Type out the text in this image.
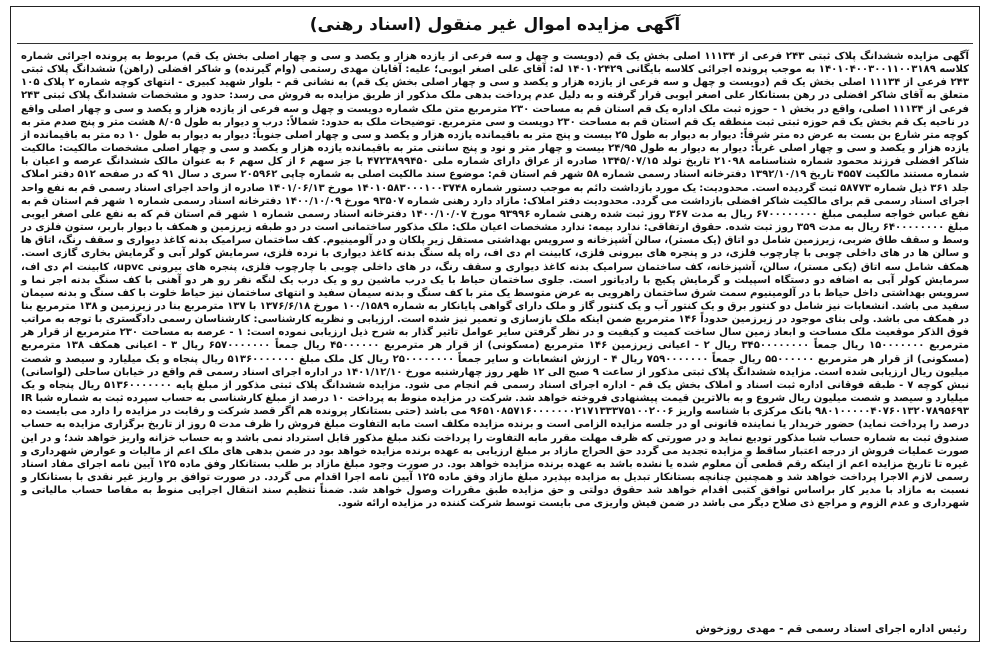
آگهی مزایده اموال غیر منقول (اسناد رهنی)

آگهی مزایده ششدانگ پلاک ثبتی ۲۴۳ فرعی از ۱۱۱۳۴ اصلی بخش یک قم (دویست و چهل و سه فرعی از یازده هزار و یکصد و سی و چهار اصلی بخش یک قم) مربوط به پرونده اجرائی شماره کلاسه ۱۴۰۱۰۴۰۰۳۰۰۱۱۰۰۳۱۸۹ به موجب پرونده اجرائی کلاسه بایگانی ۱۴۰۱۰۲۴۲۹ له: آقای علی اصغر ایوبی؛ علیه: آقایان مهدی رستمی (وام گیرنده) و شاکر افضلی (راهن) ششدانگ پلاک ثبتی ۲۴۳ فرعی از ۱۱۱۳۴ اصلی بخش یک قم (دویست و چهل و سه فرعی از یازده هزار و یکصد و سی و چهار اصلی بخش یک قم) به نشانی قم - بلوار شهید کبیری - انتهای کوچه شماره ۲ پلاک ۱۰۵ متعلق به آقای شاکر افضلی در رهن بستانکار علی اصغر ایوبی قرار گرفته و به دلیل عدم پرداخت بدهی ملک مذکور از طریق مزایده به فروش می رسد: حدود و مشخصات ششدانگ پلاک ثبتی ۲۴۳ فرعی از ۱۱۱۳۴ اصلی، واقع در بخش ۱ - حوزه ثبت ملک اداره یک قم استان قم به مساحت ۲۳۰ مترمربع متن ملک شماره دویست و چهل و سه فرعی از یازده هزار و یکصد و سی و چهار اصلی واقع در ناحیه یک قم بخش یک قم حوزه ثبتی ثبت منطقه یک قم استان قم به مساحت ۲۳۰ دویست و سی مترمربع. توضیحات ملک به حدود: شمالاً: درب و دیوار به طول ۸/۰۵ هشت متر و پنج صدم متر به کوچه متر شارع بن بست به عرض ده متر شرقاً: دیوار به دیوار به طول ۲۵ بیست و پنج متر به باقیمانده یازده هزار و یکصد و سی و چهار اصلی جنوباً: دیوار به دیوار به طول ۱۰ ده متر به باقیمانده از یازده هزار و یکصد و سی و چهار اصلی غرباً: دیوار به دیوار به طول ۲۴/۹۵ بیست و چهار متر و نود و پنج سانتی متر به باقیمانده یازده هزار و یکصد و سی و چهار اصلی مشخصات مالکیت: مالکیت شاکر افضلی فرزند محمود شماره شناسنامه ۲۱۰۹۸ تاریخ تولد ۱۳۴۵/۰۷/۱۵ صادره از عراق دارای شماره ملی ۴۷۲۳۸۹۹۴۵۰ با جز سهم ۶ از کل سهم ۶ به عنوان مالک ششدانگ عرصه و اعیان با شماره مستند مالکیت ۴۵۵۷ تاریخ ۱۳۹۲/۱۰/۱۹ دفترخانه اسناد رسمی شماره ۵۸ شهر قم استان قم: موضوع سند مالکیت اصلی به شماره چاپی ۲۰۵۹۶۲ سری د سال ۹۱ که در صفحه ۵۱۲ دفتر املاک جلد ۳۶۱ ذیل شماره ۵۸۷۷۳ ثبت گردیده است. محدودیت: یک مورد بازداشت دائم به موجب دستور شماره ۱۴۰۱۰۵۸۳۰۰۰۱۰۰۳۷۴۸ مورخ ۱۴۰۱/۰۶/۱۳ صادره از واحد اجرای اسناد رسمی قم به نفع واحد اجرای اسناد رسمی قم برای مالکیت شاکر افضلی بازداشت می گردد. محدودیت دفتر املاک: مازاد دارد رهنی شماره ۹۳۵۰۷ مورخ ۱۴۰۰/۱۰/۰۹ دفترخانه اسناد رسمی شماره ۱ شهر قم استان قم به نفع عباس خواجه سلیمی مبلغ ۶۷۰۰۰۰۰۰۰۰ ریال به مدت ۳۶۷ روز ثبت شده رهنی شماره ۹۳۹۹۶ مورخ ۱۴۰۰/۱۰/۰۷ دفترخانه اسناد رسمی شماره ۱ شهر قم استان قم که به نفع علی اصغر ایوبی مبلغ ۶۴۰۰۰۰۰۰۰۰ ریال به مدت ۳۵۹ روز ثبت شده. حقوق ارتفاقی: ندارد بیمه: ندارد مشخصات اعیان ملک: ملک مذکور ساختمانی است در دو طبقه زیرزمین و همکف با دیوار باربر، ستون فلزی در وسط و سقف طاق ضربی، زیرزمین شامل دو اتاق (یک مستر)، سالن آشپزخانه و سرویس بهداشتی مستقل زیر پلکان و در آلومینیوم. کف ساختمان سرامیک بدنه کاغذ دیواری و سقف رنگ، اتاق ها و سالن ها در های داخلی چوبی با چارچوب فلزی، در و پنجره های بیرونی فلزی، کابینت ام دی اف، راه پله سنگ بدنه کاغذ دیواری با نرده فلزی، سرمایش کولر آبی و گرمایش بخاری گازی است. همکف شامل سه اتاق (یکی مستر)، سالن، آشپزخانه، کف ساختمان سرامیک بدنه کاغذ دیواری و سقف رنگ، در های داخلی چوبی با چارچوب فلزی، پنجره های بیرونی upvc، کابینت ام دی اف، سرمایش کولر آبی به اضافه دو دستگاه اسپیلت و گرمایش پکیج با رادیاتور است. جلوی ساختمان حیاط با یک درب ماشین رو و یک درب یک لنگه نفر رو هر دو آهنی با کف سنگ بدنه اجر نما و سرویس بهداشتی داخل حیاط با در آلومینیوم سمت شرق ساختمان راهرویی به عرض متوسط یک متر با کف سنگ و بدنه سیمان سفید و انتهای ساختمان نیز حیاط خلوت با کف سنگ و بدنه سیمان سفید می باشد. انشعابات نیز شامل دو کنتور برق و یک کنتور آب و یک کنتور گاز و ملک دارای گواهی پایانکار به شماره ۱۰۰/۱۵۸۹ مورخ ۱۳۷۶/۶/۱۸ با ۱۳۷ مترمربع بنا در زیرزمین و ۱۳۸ مترمربع بنا در همکف می باشد. ولی بنای موجود در زیرزمین حدوداً ۱۴۶ مترمربع ضمن اینکه ملک بازسازی و تعمیر نیز شده است. ارزیابی و نظریه کارشناسی: کارشناسان رسمی دادگستری با توجه به مراتب فوق الذکر موقعیت ملک مساحت و ابعاد زمین سال ساخت کمیت و کیفیت و در نظر گرفتن سایر عوامل تاثیر گذار به شرح ذیل ارزیابی نموده است: ۱ - عرصه به مساحت ۲۳۰ مترمربع از قرار هر مترمربع ۱۵۰۰۰۰۰۰۰ ریال جمعاً ۳۴۵۰۰۰۰۰۰۰۰ ریال ۲ - اعیانی زیرزمین ۱۴۶ مترمربع (مسکونی) از قرار هر مترمربع ۴۵۰۰۰۰۰۰ ریال جمعاً ۶۵۷۰۰۰۰۰۰۰ ریال ۳ - اعیانی همکف ۱۳۸ مترمربع (مسکونی) از قرار هر مترمربع ۵۵۰۰۰۰۰۰ ریال جمعاً ۷۵۹۰۰۰۰۰۰۰ ریال ۴ - ارزش انشعابات و سایر جمعاً ۲۵۰۰۰۰۰۰۰۰ ریال کل ملک مبلغ ۵۱۳۶۰۰۰۰۰۰۰ ریال پنجاه و یک میلیارد و سیصد و شصت میلیون ریال ارزیابی شده است. مزایده ششدانگ پلاک ثبتی مذکور از ساعت ۹ صبح الی ۱۲ ظهر روز چهارشنبه مورخ ۱۴۰۱/۱۲/۱۰ در اداره اجرای اسناد رسمی قم واقع در خیابان ساحلی (لواسانی) نبش کوچه ۷ - طبقه فوقانی اداره ثبت اسناد و املاک بخش یک قم - اداره اجرای اسناد رسمی قم انجام می شود. مزایده ششدانگ پلاک ثبتی مذکور از مبلغ پایه ۵۱۳۶۰۰۰۰۰۰۰ ریال پنجاه و یک میلیارد و سیصد و شصت میلیون ریال شروع و به بالاترین قیمت پیشنهادی فروخته خواهد شد. شرکت در مزایده منوط به پرداخت ۱۰ درصد از مبلغ کارشناسی به حساب سپرده ثبت به شماره شبا IR ۹۸۰۱۰۰۰۰۰۴۰۷۶۰۱۳۲۰۷۸۹۵۶۹۳ بانک مرکزی با شناسه واریز ۹۶۵۱۰۸۵۷۱۶۰۰۰۰۰۰۰۲۱۷۱۳۳۳۷۵۱۰۰۲۰۰۶ می باشد (حتی بستانکار پرونده هم اگر قصد شرکت و رقابت در مزایده را دارد می بایست ده درصد را پرداخت نماید) حضور خریدار یا نماینده قانونی او در جلسه مزایده الزامی است و برنده مزایده مکلف است مابه التفاوت مبلغ فروش را ظرف مدت ۵ روز از تاریخ برگزاری مزایده به حساب صندوق ثبت به شماره حساب شبا مذکور تودیع نماید و در صورتی که ظرف مهلت مقرر مابه التفاوت را پرداخت نکند مبلغ مذکور قابل استرداد نمی باشد و به حساب خزانه واریز خواهد شد؛ و در این صورت عملیات فروش از درجه اعتبار ساقط و مزایده تجدید می گردد حق الحراج مازاد بر مبلغ ارزیابی به عهده برنده مزایده خواهد بود در ضمن بدهی های ملک اعم از مالیات و عوارض شهرداری و غیره تا تاریخ مزایده اعم از اینکه رقم قطعی آن معلوم شده یا نشده باشد به عهده برنده مزایده خواهد بود. در صورت وجود مبلغ مازاد بر طلب بستانکار وفق ماده ۱۲۵ آیین نامه اجرای مفاد اسناد رسمی لازم الاجرا پرداخت خواهد شد و همچنین چنانچه بستانکار تبدیل به مزایده بپذیرد مبلغ مازاد وفق ماده ۱۲۵ آیین نامه اجرا اقدام می گردد. در صورت توافق بر واریز غیر نقدی با بستانکار و نسبت به مازاد با مدیر کار براساس توافق کتبی اقدام خواهد شد حقوق دولتی و حق مزایده طبق مقررات وصول خواهد شد. ضمناً تنظیم سند انتقال اجرایی منوط به مفاصا حساب مالیاتی و شهرداری و عدم الزوم و مراجع ذی صلاح دیگر می باشد در ضمن فیش واریزی می بایست توسط شرکت کننده در مزایده ارائه شود.

رئیس اداره اجرای اسناد رسمی قم - مهدی روزخوش
